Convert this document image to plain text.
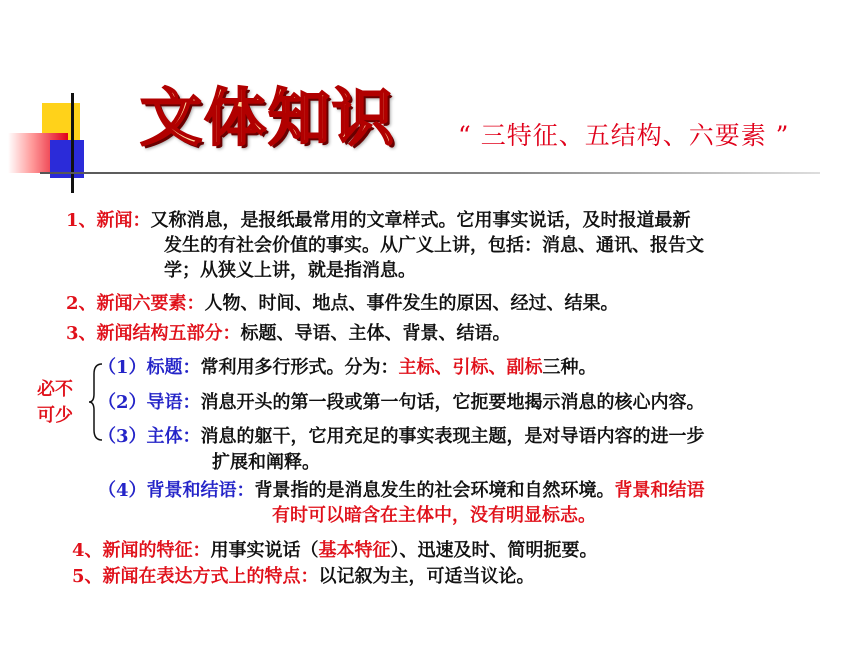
文体知识 “ 三特征、五结构、六要素 ”
1、新闻：又称消息，是报纸最常用的文章样式。它用事实说话，及时报道最新
发生的有社会价值的事实。从广义上讲，包括：消息、通讯、报告文
学；从狭义上讲，就是指消息。
2、新闻六要素：人物、时间、地点、事件发生的原因、经过、结果。
3、新闻结构五部分：标题、导语、主体、背景、结语。
必不
可少
（1）标题：常利用多行形式。分为：主标、引标、副标三种。
（2）导语：消息开头的第一段或第一句话，它扼要地揭示消息的核心内容。
（3）主体：消息的躯干，它用充足的事实表现主题，是对导语内容的进一步
扩展和阐释。
（4）背景和结语：背景指的是消息发生的社会环境和自然环境。背景和结语
有时可以暗含在主体中，没有明显标志。
4、新闻的特征：用事实说话（基本特征）、迅速及时、简明扼要。
5、新闻在表达方式上的特点：以记叙为主，可适当议论。
